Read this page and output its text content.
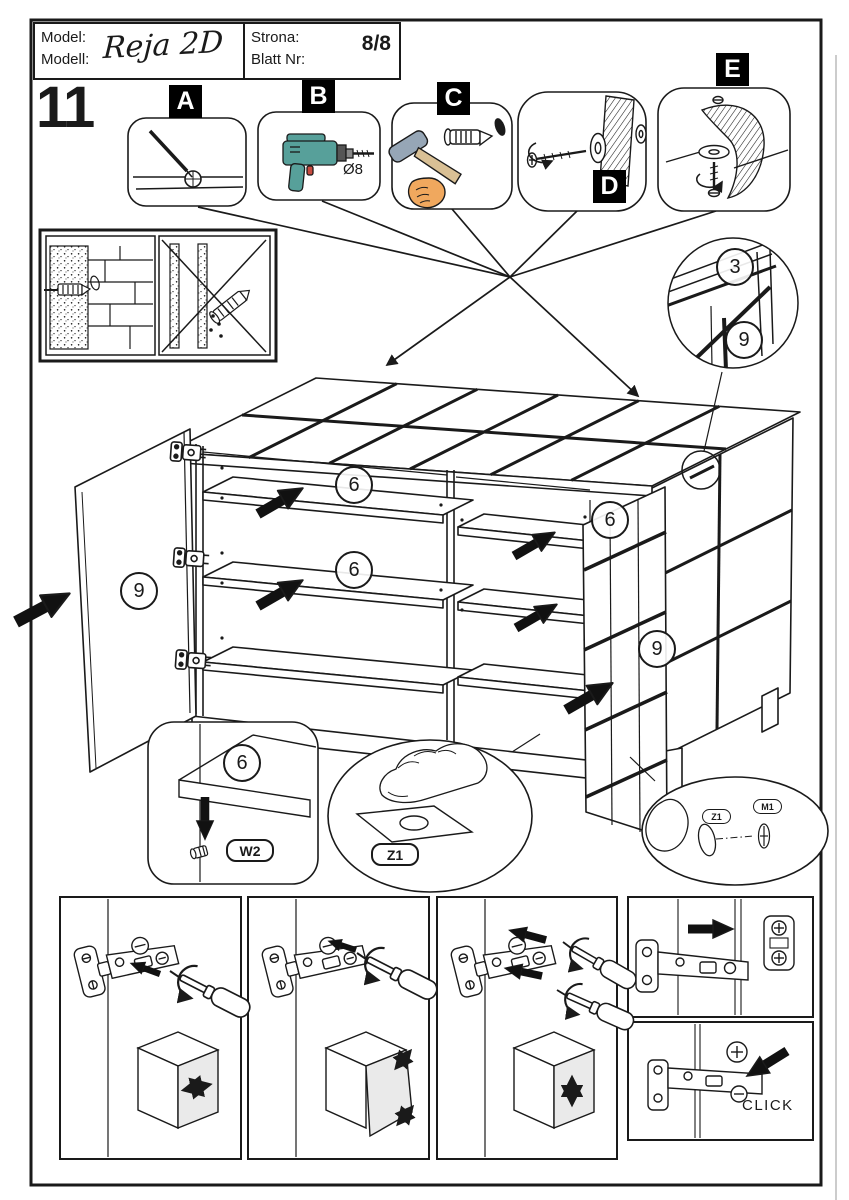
Model:
Modell: Reja 2D Strona:
Blatt Nr:
8/8
11	A	B	C
D
E
Ø8
3
9
6
6
6
9
9
6
W2	Z1
Z1
M1
CLICK
